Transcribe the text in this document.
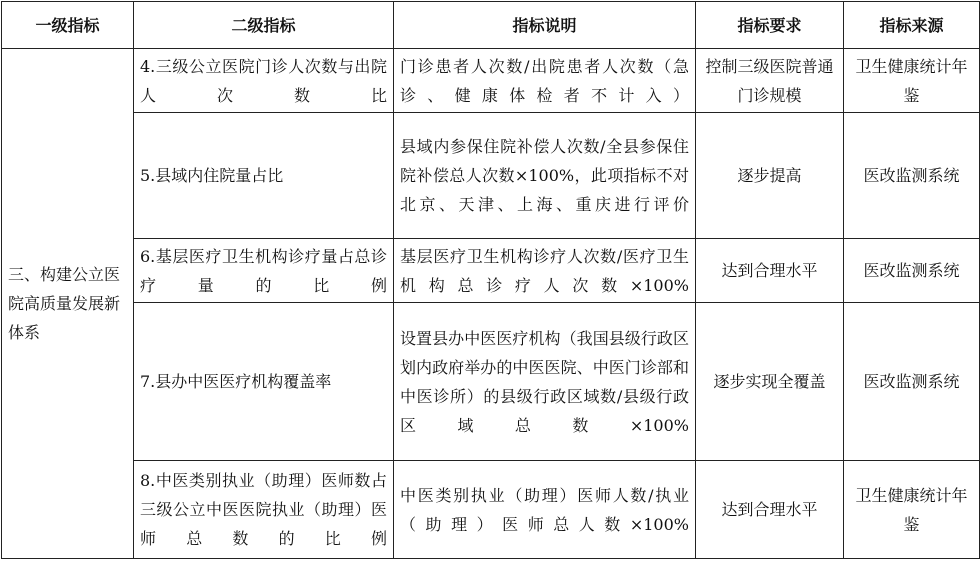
一级指标	二级指标	指标说明	指标要求	指标来源
三、构建公立医院高质量发展新体系	4.三级公立医院门诊人次数与出院人次数比	门诊患者人次数/出院患者人次数（急诊、健康体检者不计入）	控制三级医院普通门诊规模	卫生健康统计年鉴
	5.县域内住院量占比	县域内参保住院补偿人次数/全县参保住院补偿总人次数×100%，此项指标不对北京、天津、上海、重庆进行评价	逐步提高	医改监测系统
	6.基层医疗卫生机构诊疗量占总诊疗量的比例	基层医疗卫生机构诊疗人次数/医疗卫生机构总诊疗人次数×100%	达到合理水平	医改监测系统
	7.县办中医医疗机构覆盖率	设置县办中医医疗机构（我国县级行政区划内政府举办的中医医院、中医门诊部和中医诊所）的县级行政区域数/县级行政区域总数×100%	逐步实现全覆盖	医改监测系统
	8.中医类别执业（助理）医师数占三级公立中医医院执业（助理）医师总数的比例	中医类别执业（助理）医师人数/执业（助理）医师总人数×100%	达到合理水平	卫生健康统计年鉴
